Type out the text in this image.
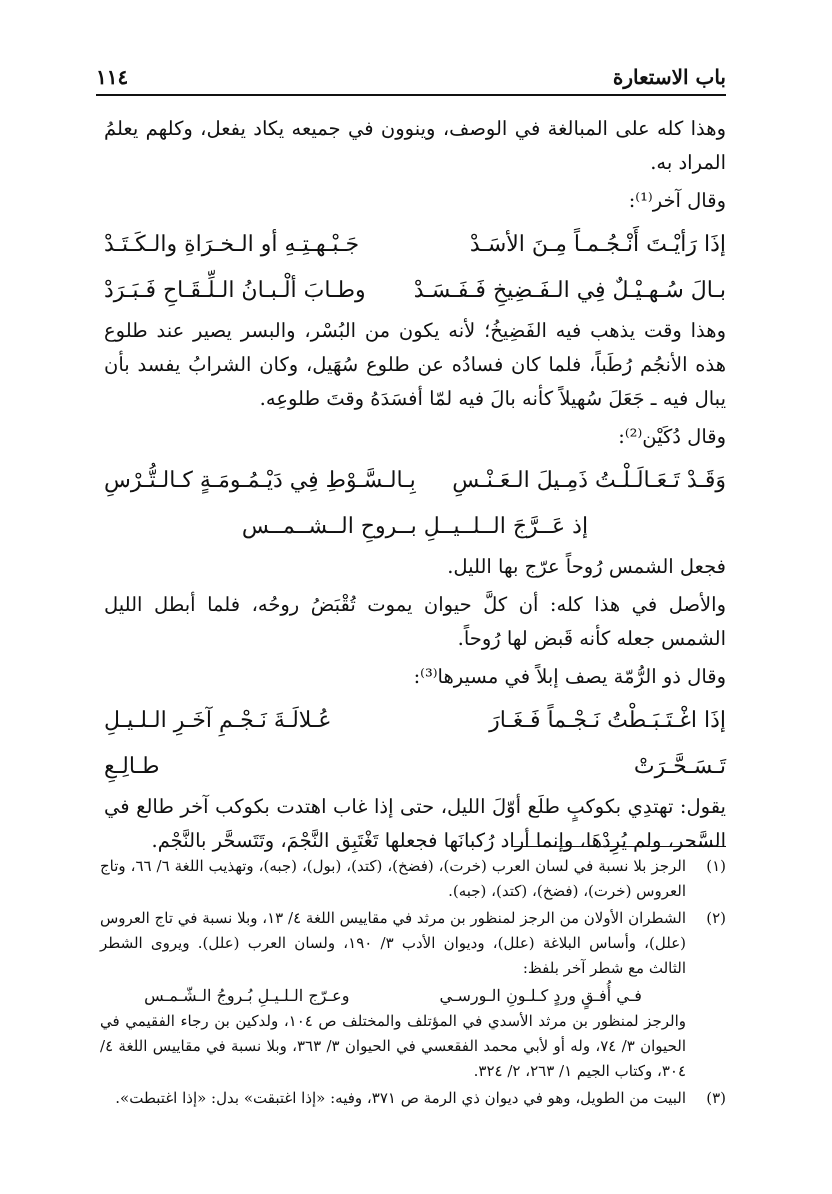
باب الاستعارة
١١٤

وهذا كله على المبالغة في الوصف، وينوون في جميعه يكاد يفعل، وكلهم يعلمُ المراد به.

وقال آخر⁽¹⁾:

إذَا رَأيْـتَ أَنْـجُـمـاً مِـنَ الأسَـدْ
جَـبْـهـتِـهِ أو الـخـرَاةِ والـكَـتَـدْ
بـالَ سُـهـيْـلٌ فِي الـفَـضِيخِ فَـفَـسَـدْ
وطـابَ ألْـبـانُ الـلِّـقَـاحِ فَـبَـرَدْ

وهذا وقت يذهب فيه الفَضِيخُ؛ لأنه يكون من البُسْر، والبسر يصير عند طلوع هذه الأنجُم رُطَباً، فلما كان فسادُه عن طلوع سُهَيل، وكان الشرابُ يفسد بأن يبال فيه ـ جَعَلَ سُهيلاً كأنه بالَ فيه لمّا أفسَدَهُ وقتَ طلوعِه.

وقال دُكَيْن⁽²⁾:

وَقَـدْ تَـعَـالَـلْـتُ ذَمِـيلَ الـعَـنْـسِ
بِـالـسَّـوْطِ فِي دَيْـمُـومَـةٍ كـالـتُّـرْسِ
إذ عَــرَّجَ الــلــيــلِ بــروحِ الــشــمــس

فجعل الشمس رُوحاً عرّج بها الليل.

والأصل في هذا كله: أن كلَّ حيوان يموت تُقْبَضُ روحُه، فلما أبطل الليل الشمس جعله كأنه قَبض لها رُوحاً.

وقال ذو الرُّمّة يصف إبلاً في مسيرها⁽³⁾:

إذَا اغْـتَـبَـطْتُ نَـجْـماً فَـغَـارَ تَـسَـحَّـرَتْ
عُـلالَـةَ نَـجْـمِ آخَـرِ الـلـيـلِ طـالِـعِ

يقول: تهتدِي بكوكبٍ طلَع أوّلَ الليل، حتى إذا غاب اهتدت بكوكب آخر طالع في السَّحر، ولم يُرِدْهَا، وإنما أراد رُكبانَها فجعلها تَغْتَبِق النَّجْمَ، وتَتَسحَّر بالنَّجْم.

(١)
الرجز بلا نسبة في لسان العرب (خرت)، (فضخ)، (كتد)، (بول)، (جبه)، وتهذيب اللغة ٦/ ٦٦، وتاج العروس (خرت)، (فضخ)، (كتد)، (جبه).
(٢)
الشطران الأولان من الرجز لمنظور بن مرثد في مقاييس اللغة ٤/ ١٣، وبلا نسبة في تاج العروس (علل)، وأساس البلاغة (علل)، وديوان الأدب ٣/ ١٩٠، ولسان العرب (علل). ويروى الشطر الثالث مع شطر آخر بلفظ:
فـي أُفـقٍ وردٍ كـلـونِ الـورسـي
وعـرّج الـلـيـلِ بُـروجُ الـشّـمـس
والرجز لمنظور بن مرثد الأسدي في المؤتلف والمختلف ص ١٠٤، ولدكين بن رجاء الفقيمي في الحيوان ٣/ ٧٤، وله أو لأبي محمد الفقعسي في الحيوان ٣/ ٣٦٣، وبلا نسبة في مقاييس اللغة ٤/ ٣٠٤، وكتاب الجيم ١/ ٢٦٣، ٢/ ٣٢٤.
(٣)
البيت من الطويل، وهو في ديوان ذي الرمة ص ٣٧١، وفيه: «إذا اغتبقت» بدل: «إذا اغتبطت».
